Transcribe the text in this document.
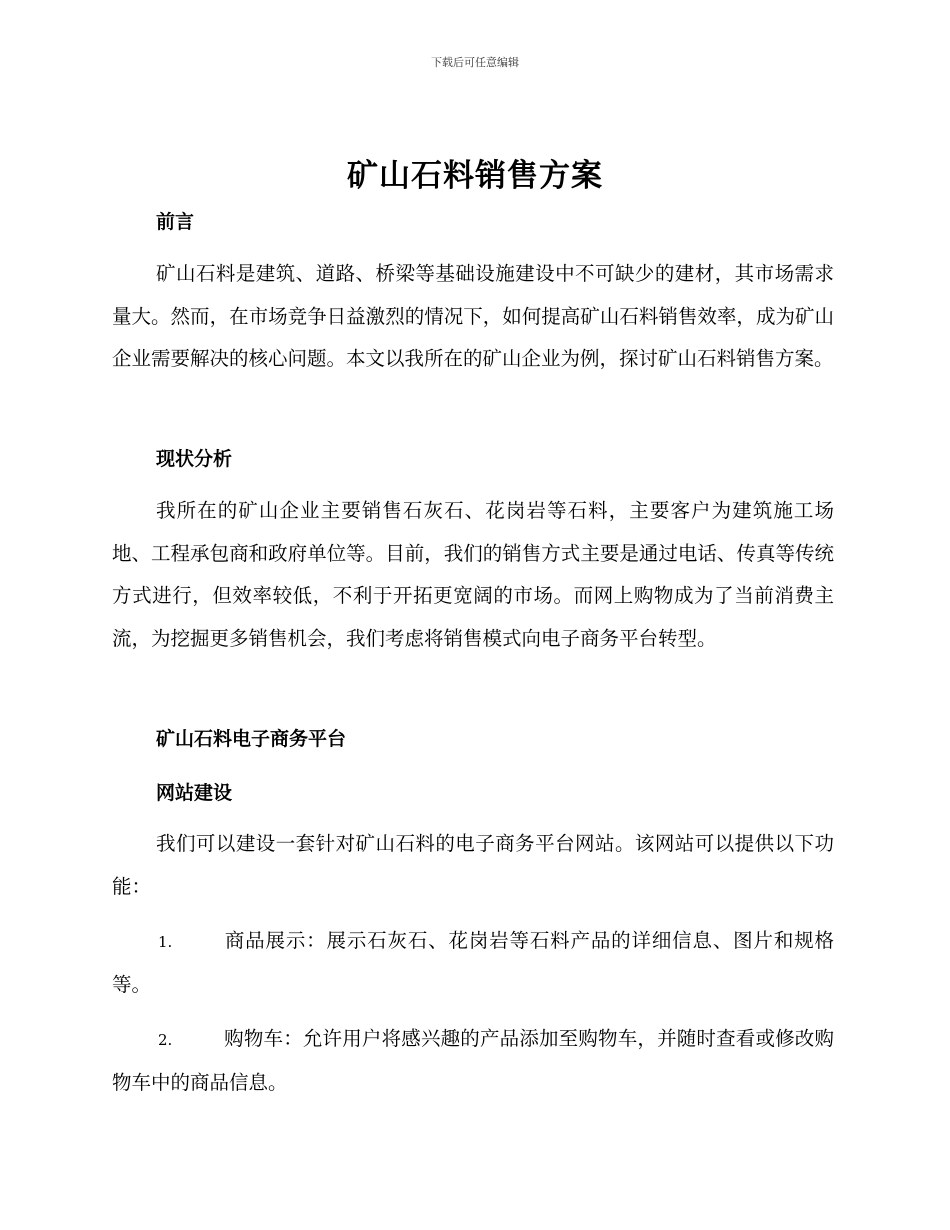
下载后可任意编辑
矿山石料销售方案
前言
矿山石料是建筑、道路、桥梁等基础设施建设中不可缺少的建材，其市场需求量大。然而，在市场竞争日益激烈的情况下，如何提高矿山石料销售效率，成为矿山企业需要解决的核心问题。本文以我所在的矿山企业为例，探讨矿山石料销售方案。
现状分析
我所在的矿山企业主要销售石灰石、花岗岩等石料，主要客户为建筑施工场地、工程承包商和政府单位等。目前，我们的销售方式主要是通过电话、传真等传统方式进行，但效率较低，不利于开拓更宽阔的市场。而网上购物成为了当前消费主流，为挖掘更多销售机会，我们考虑将销售模式向电子商务平台转型。
矿山石料电子商务平台
网站建设
我们可以建设一套针对矿山石料的电子商务平台网站。该网站可以提供以下功能：
1.	商品展示：展示石灰石、花岗岩等石料产品的详细信息、图片和规格等。
2.	购物车：允许用户将感兴趣的产品添加至购物车，并随时查看或修改购物车中的商品信息。
